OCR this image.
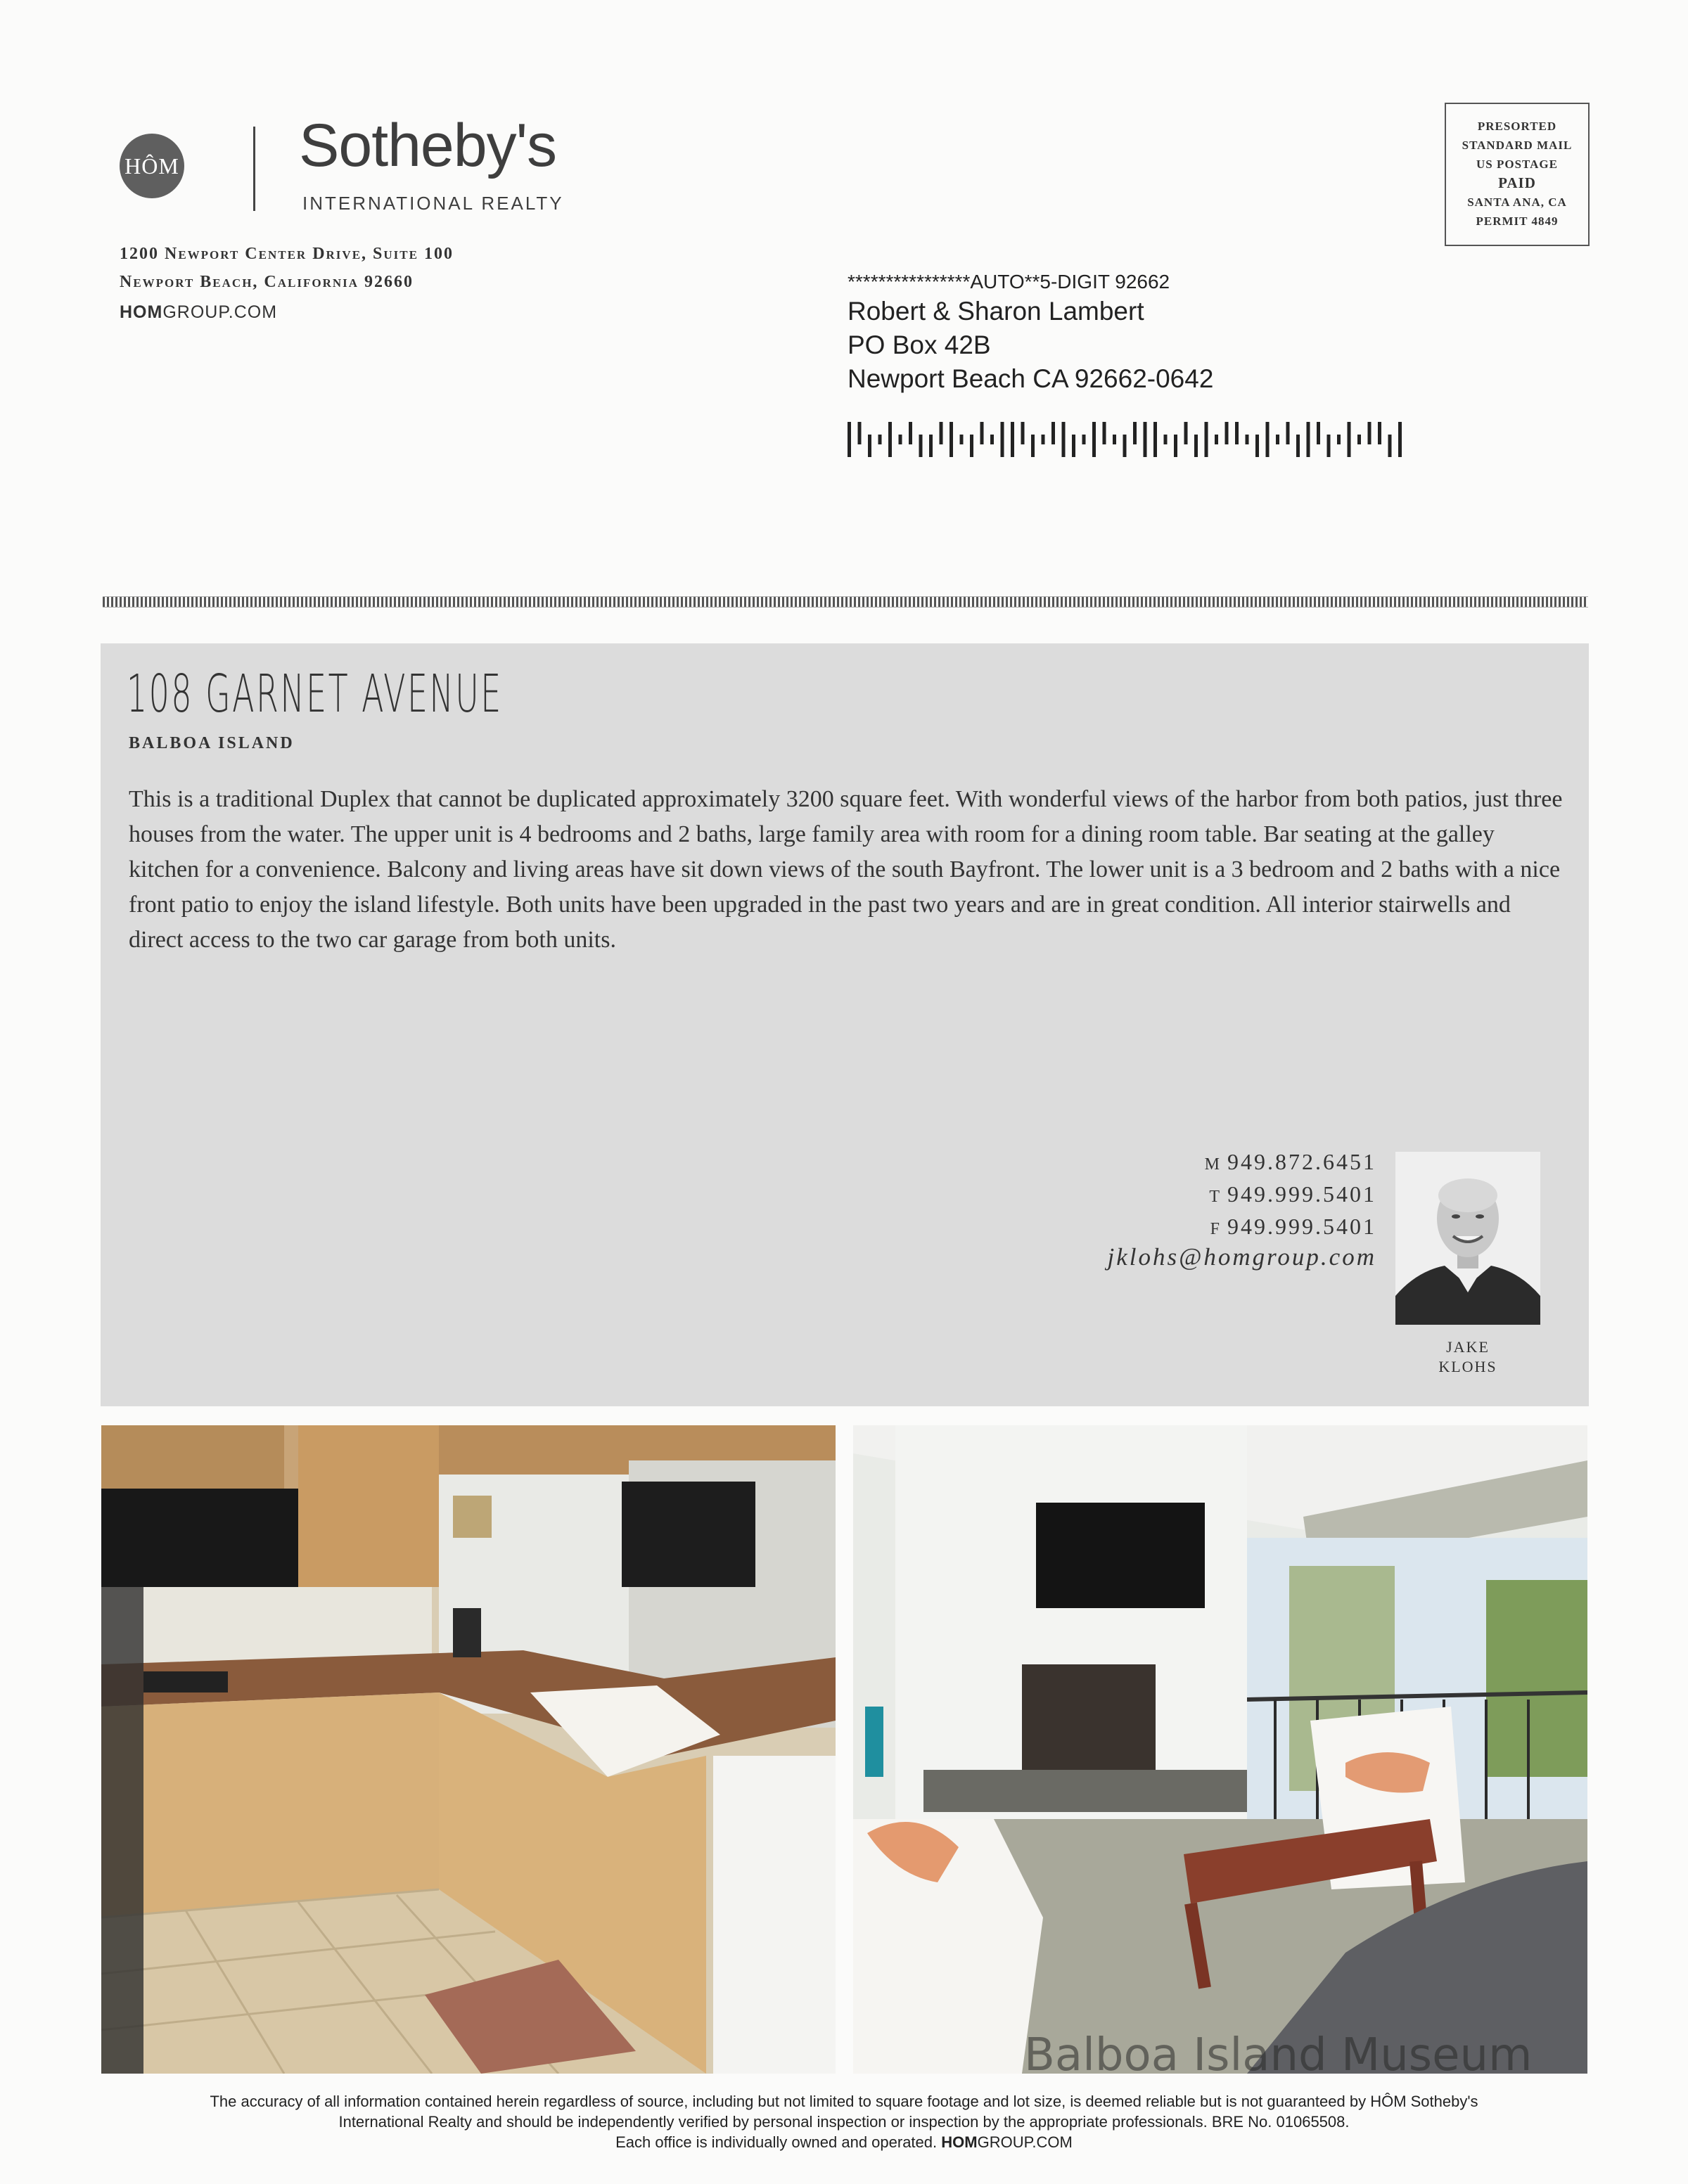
HÔM Sotheby's
INTERNATIONAL REALTY
1200 Newport Center Drive, Suite 100
Newport Beach, California 92660
HOMGROUP.COM
PRESORTED
STANDARD MAIL
US POSTAGE
PAID
SANTA ANA, CA
PERMIT 4849
****************AUTO**5-DIGIT 92662
Robert & Sharon Lambert
PO Box 42B
Newport Beach CA 92662-0642
108 GARNET AVENUE
BALBOA ISLAND

This is a traditional Duplex that cannot be duplicated approximately 3200 square feet. With wonderful views of the harbor from both patios, just three houses from the water. The upper unit is 4 bedrooms and 2 baths, large family area with room for a dining room table. Bar seating at the galley kitchen for a convenience. Balcony and living areas have sit down views of the south Bayfront. The lower unit is a 3 bedroom and 2 baths with a nice front patio to enjoy the island lifestyle. Both units have been upgraded in the past two years and are in great condition. All interior stairwells and direct access to the two car garage from both units.

M 949.872.6451
T 949.999.5401
F 949.999.5401
jklohs@homgroup.com
JAKE
KLOHS
Balboa Island Museum
The accuracy of all information contained herein regardless of source, including but not limited to square footage and lot size, is deemed reliable but is not guaranteed by HÔM Sotheby's
International Realty and should be independently verified by personal inspection or inspection by the appropriate professionals. BRE No. 01065508.
Each office is individually owned and operated. HOMGROUP.COM
